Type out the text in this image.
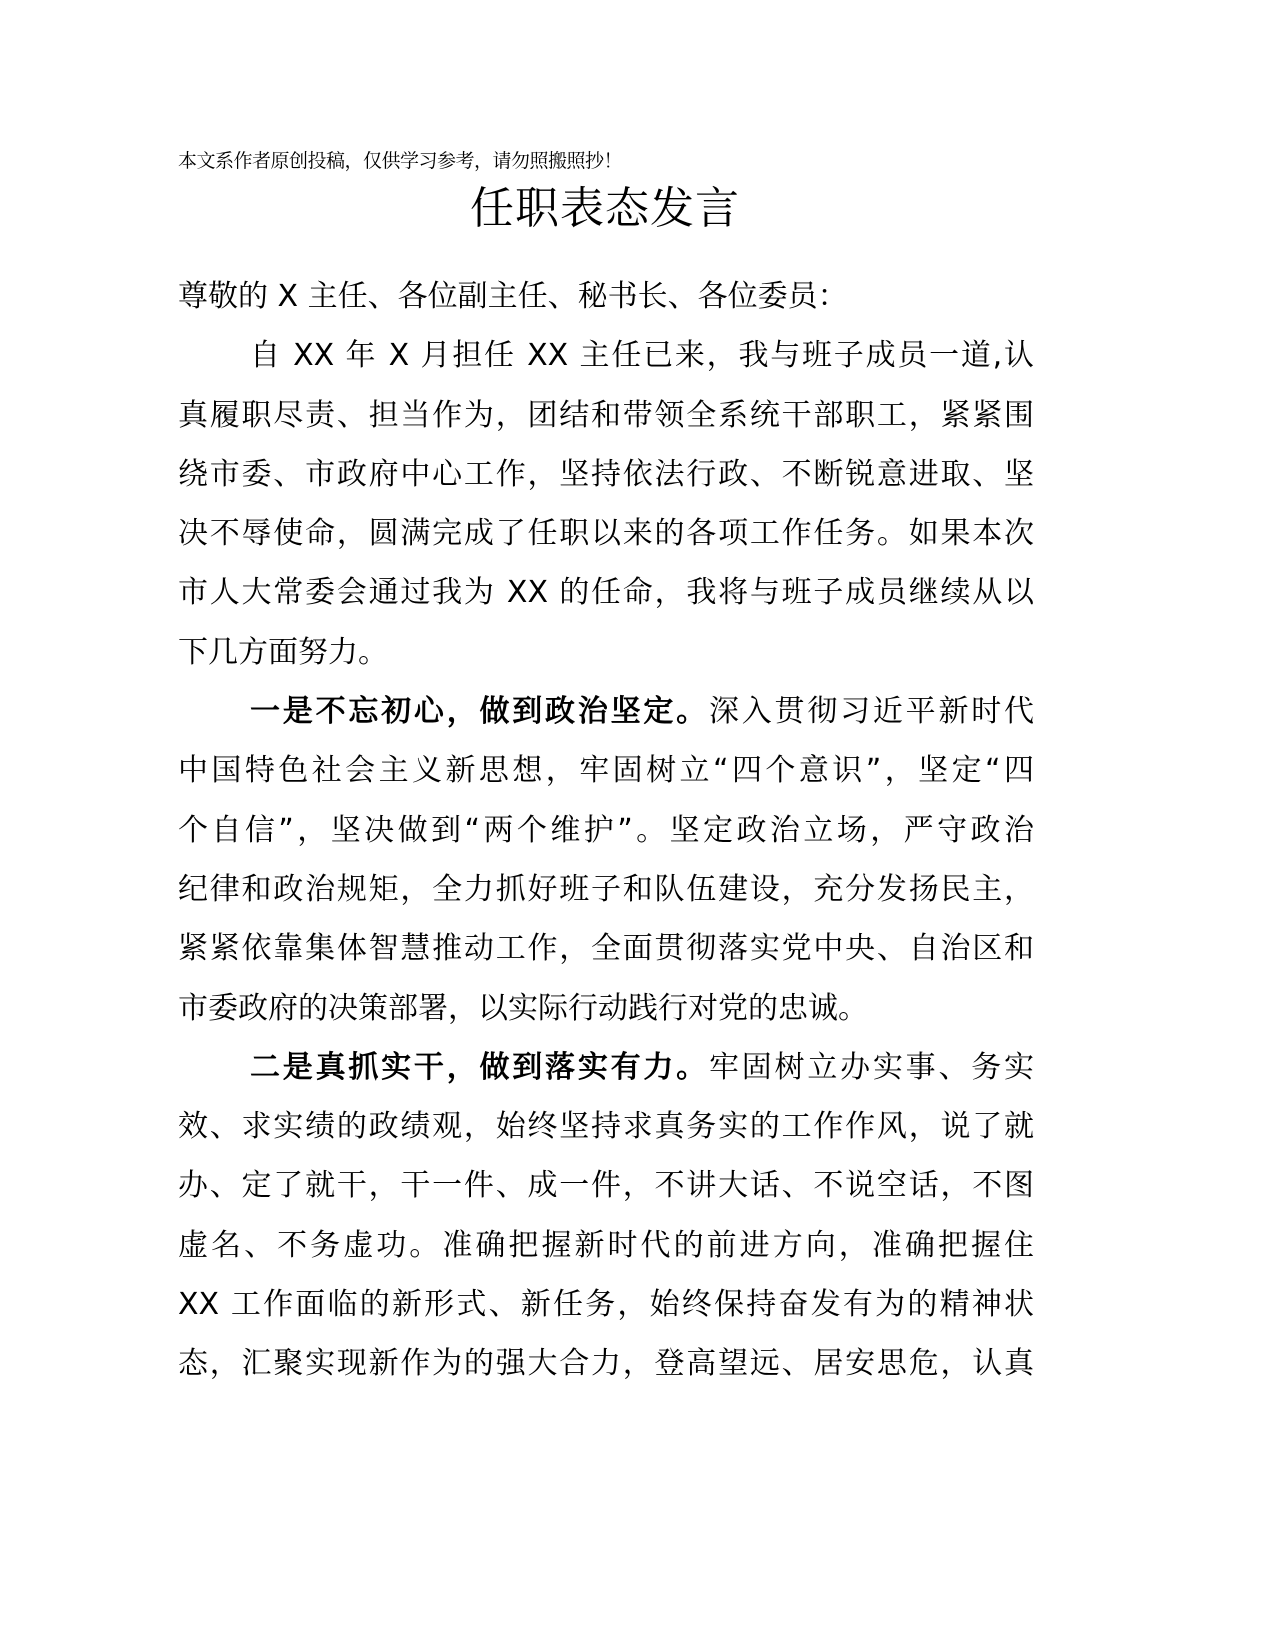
本文系作者原创投稿，仅供学习参考，请勿照搬照抄！
任职表态发言
尊敬的 X 主任、各位副主任、秘书长、各位委员：
自 XX 年 X 月担任 XX 主任已来，我与班子成员一道,认
真履职尽责、担当作为，团结和带领全系统干部职工，紧紧围
绕市委、市政府中心工作，坚持依法行政、不断锐意进取、坚
决不辱使命，圆满完成了任职以来的各项工作任务。如果本次
市人大常委会通过我为 XX 的任命，我将与班子成员继续从以
下几方面努力。
一是不忘初心，做到政治坚定。深入贯彻习近平新时代
中国特色社会主义新思想，牢固树立“四个意识”，坚定“四
个自信”，坚决做到“两个维护”。坚定政治立场，严守政治
纪律和政治规矩，全力抓好班子和队伍建设，充分发扬民主，
紧紧依靠集体智慧推动工作，全面贯彻落实党中央、自治区和
市委政府的决策部署，以实际行动践行对党的忠诚。
二是真抓实干，做到落实有力。牢固树立办实事、务实
效、求实绩的政绩观，始终坚持求真务实的工作作风，说了就
办、定了就干，干一件、成一件，不讲大话、不说空话，不图
虚名、不务虚功。准确把握新时代的前进方向，准确把握住
XX 工作面临的新形式、新任务，始终保持奋发有为的精神状
态，汇聚实现新作为的强大合力，登高望远、居安思危，认真
